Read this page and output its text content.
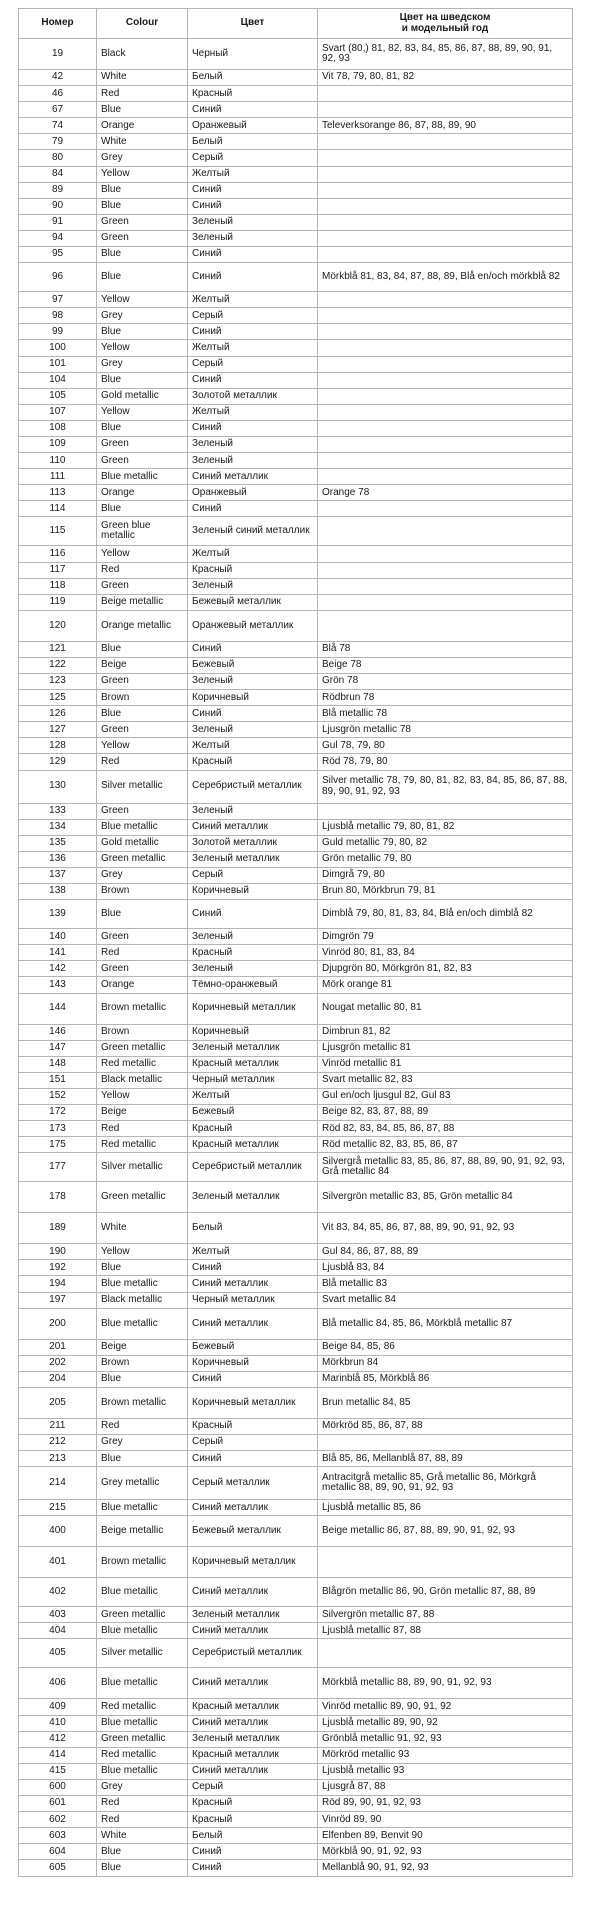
Номер	Colour	Цвет	Цвет на шведском
и модельный год
19	Black	Черный	Svart (80,) 81, 82, 83, 84, 85, 86, 87, 88, 89, 90, 91, 92, 93
42	White	Белый	Vit 78, 79, 80, 81, 82
46	Red	Красный	
67	Blue	Синий	
74	Orange	Оранжевый	Televerksorange 86, 87, 88, 89, 90
79	White	Белый	
80	Grey	Серый	
84	Yellow	Желтый	
89	Blue	Синий	
90	Blue	Синий	
91	Green	Зеленый	
94	Green	Зеленый	
95	Blue	Синий	
96	Blue	Синий	Mörkblå 81, 83, 84, 87, 88, 89, Blå en/och mörkblå 82
97	Yellow	Желтый	
98	Grey	Серый	
99	Blue	Синий	
100	Yellow	Желтый	
101	Grey	Серый	
104	Blue	Синий	
105	Gold metallic	Золотой металлик	
107	Yellow	Желтый	
108	Blue	Синий	
109	Green	Зеленый	
110	Green	Зеленый	
111	Blue metallic	Синий металлик	
113	Orange	Оранжевый	Orange 78
114	Blue	Синий	
115	Green blue metallic	Зеленый синий металлик	
116	Yellow	Желтый	
117	Red	Красный	
118	Green	Зеленый	
119	Beige metallic	Бежевый металлик	
120	Orange metallic	Оранжевый металлик	
121	Blue	Синий	Blå 78
122	Beige	Бежевый	Beige 78
123	Green	Зеленый	Grön 78
125	Brown	Коричневый	Rödbrun 78
126	Blue	Синий	Blå metallic 78
127	Green	Зеленый	Ljusgrön metallic 78
128	Yellow	Желтый	Gul 78, 79, 80
129	Red	Красный	Röd 78, 79, 80
130	Silver metallic	Серебристый металлик	Silver metallic 78, 79, 80, 81, 82, 83, 84, 85, 86, 87, 88, 89, 90, 91, 92, 93
133	Green	Зеленый	
134	Blue metallic	Синий металлик	Ljusblå metallic 79, 80, 81, 82
135	Gold metallic	Золотой металлик	Guld metallic 79, 80, 82
136	Green metallic	Зеленый металлик	Grön metallic 79, 80
137	Grey	Серый	Dimgrå 79, 80
138	Brown	Коричневый	Brun 80, Mörkbrun 79, 81
139	Blue	Синий	Dimblå 79, 80, 81, 83, 84, Blå en/och dimblå 82
140	Green	Зеленый	Dimgrön 79
141	Red	Красный	Vinröd 80, 81, 83, 84
142	Green	Зеленый	Djupgrön 80, Mörkgrön 81, 82, 83
143	Orange	Тёмно-оранжевый	Mörk orange 81
144	Brown metallic	Коричневый металлик	Nougat metallic 80, 81
146	Brown	Коричневый	Dimbrun 81, 82
147	Green metallic	Зеленый металлик	Ljusgrön metallic 81
148	Red metallic	Красный металлик	Vinröd metallic 81
151	Black metallic	Черный металлик	Svart metallic 82, 83
152	Yellow	Желтый	Gul en/och ljusgul 82, Gul 83
172	Beige	Бежевый	Beige 82, 83, 87, 88, 89
173	Red	Красный	Röd 82, 83, 84, 85, 86, 87, 88
175	Red metallic	Красный металлик	Röd metallic 82, 83, 85, 86, 87
177	Silver metallic	Серебристый металлик	Silvergrå metallic 83, 85, 86, 87, 88, 89, 90, 91, 92, 93, Grå metallic 84
178	Green metallic	Зеленый металлик	Silvergrön metallic 83, 85, Grön metallic 84
189	White	Белый	Vit 83, 84, 85, 86, 87, 88, 89, 90, 91, 92, 93
190	Yellow	Желтый	Gul 84, 86, 87, 88, 89
192	Blue	Синий	Ljusblå 83, 84
194	Blue metallic	Синий металлик	Blå metallic 83
197	Black metallic	Черный металлик	Svart metallic 84
200	Blue metallic	Синий металлик	Blå metallic 84, 85, 86, Mörkblå metallic 87
201	Beige	Бежевый	Beige 84, 85, 86
202	Brown	Коричневый	Mörkbrun 84
204	Blue	Синий	Marinblå 85, Mörkblå 86
205	Brown metallic	Коричневый металлик	Brun metallic 84, 85
211	Red	Красный	Mörkröd 85, 86, 87, 88
212	Grey	Серый	
213	Blue	Синий	Blå 85, 86, Mellanblå 87, 88, 89
214	Grey metallic	Серый металлик	Antracitgrå metallic 85, Grå metallic 86, Mörkgrå metallic 88, 89, 90, 91, 92, 93
215	Blue metallic	Синий металлик	Ljusblå metallic 85, 86
400	Beige metallic	Бежевый металлик	Beige metallic 86, 87, 88, 89, 90, 91, 92, 93
401	Brown metallic	Коричневый металлик	
402	Blue metallic	Синий металлик	Blågrön metallic 86, 90, Grön metallic 87, 88, 89
403	Green metallic	Зеленый металлик	Silvergrön metallic 87, 88
404	Blue metallic	Синий металлик	Ljusblå metallic 87, 88
405	Silver metallic	Серебристый металлик	
406	Blue metallic	Синий металлик	Mörkblå metallic 88, 89, 90, 91, 92, 93
409	Red metallic	Красный металлик	Vinröd metallic 89, 90, 91, 92
410	Blue metallic	Синий металлик	Ljusblå metallic 89, 90, 92
412	Green metallic	Зеленый металлик	Grönblå metallic 91, 92, 93
414	Red metallic	Красный металлик	Mörkröd metallic 93
415	Blue metallic	Синий металлик	Ljusblå metallic 93
600	Grey	Серый	Ljusgrå 87, 88
601	Red	Красный	Röd 89, 90, 91, 92, 93
602	Red	Красный	Vinröd 89, 90
603	White	Белый	Elfenben 89, Benvit 90
604	Blue	Синий	Mörkblå 90, 91, 92, 93
605	Blue	Синий	Mellanblå 90, 91, 92, 93
